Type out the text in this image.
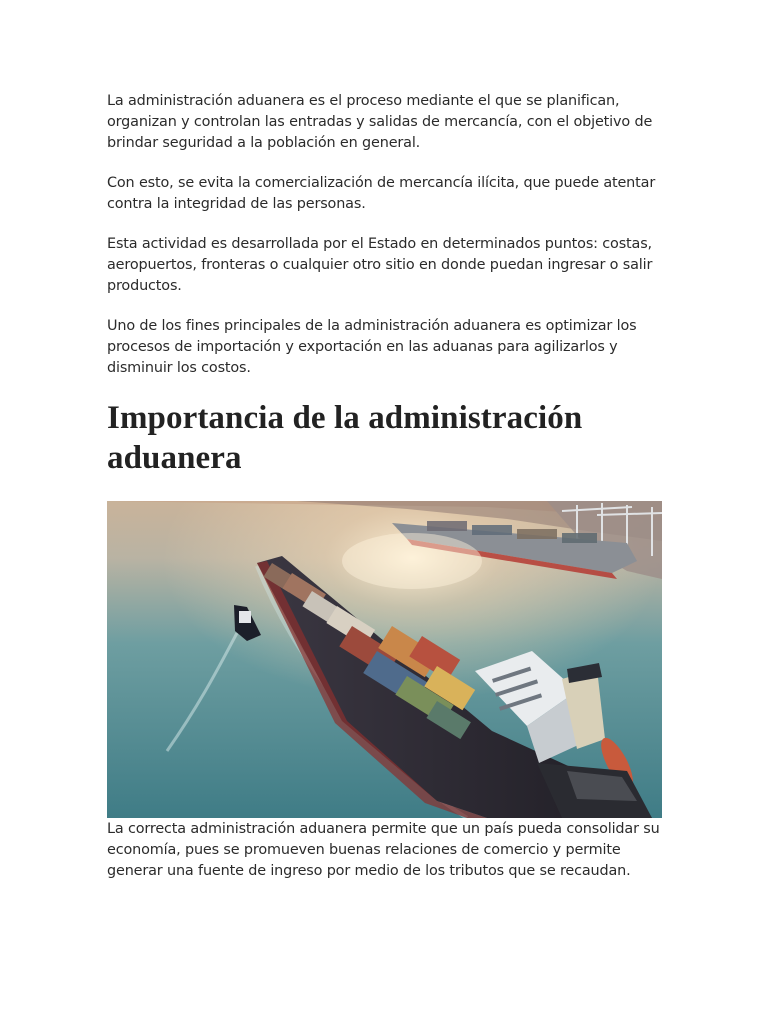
La administración aduanera es el proceso mediante el que se planifican, organizan y controlan las entradas y salidas de mercancía, con el objetivo de brindar seguridad a la población en general.

Con esto, se evita la comercialización de mercancía ilícita, que puede atentar contra la integridad de las personas.

Esta actividad es desarrollada por el Estado en determinados puntos: costas, aeropuertos, fronteras o cualquier otro sitio en donde puedan ingresar o salir productos.

Uno de los fines principales de la administración aduanera es optimizar los procesos de importación y exportación en las aduanas para agilizarlos y disminuir los costos.

Importancia de la administración aduanera

La correcta administración aduanera permite que un país pueda consolidar su economía, pues se promueven buenas relaciones de comercio y permite generar una fuente de ingreso por medio de los tributos que se recaudan.
